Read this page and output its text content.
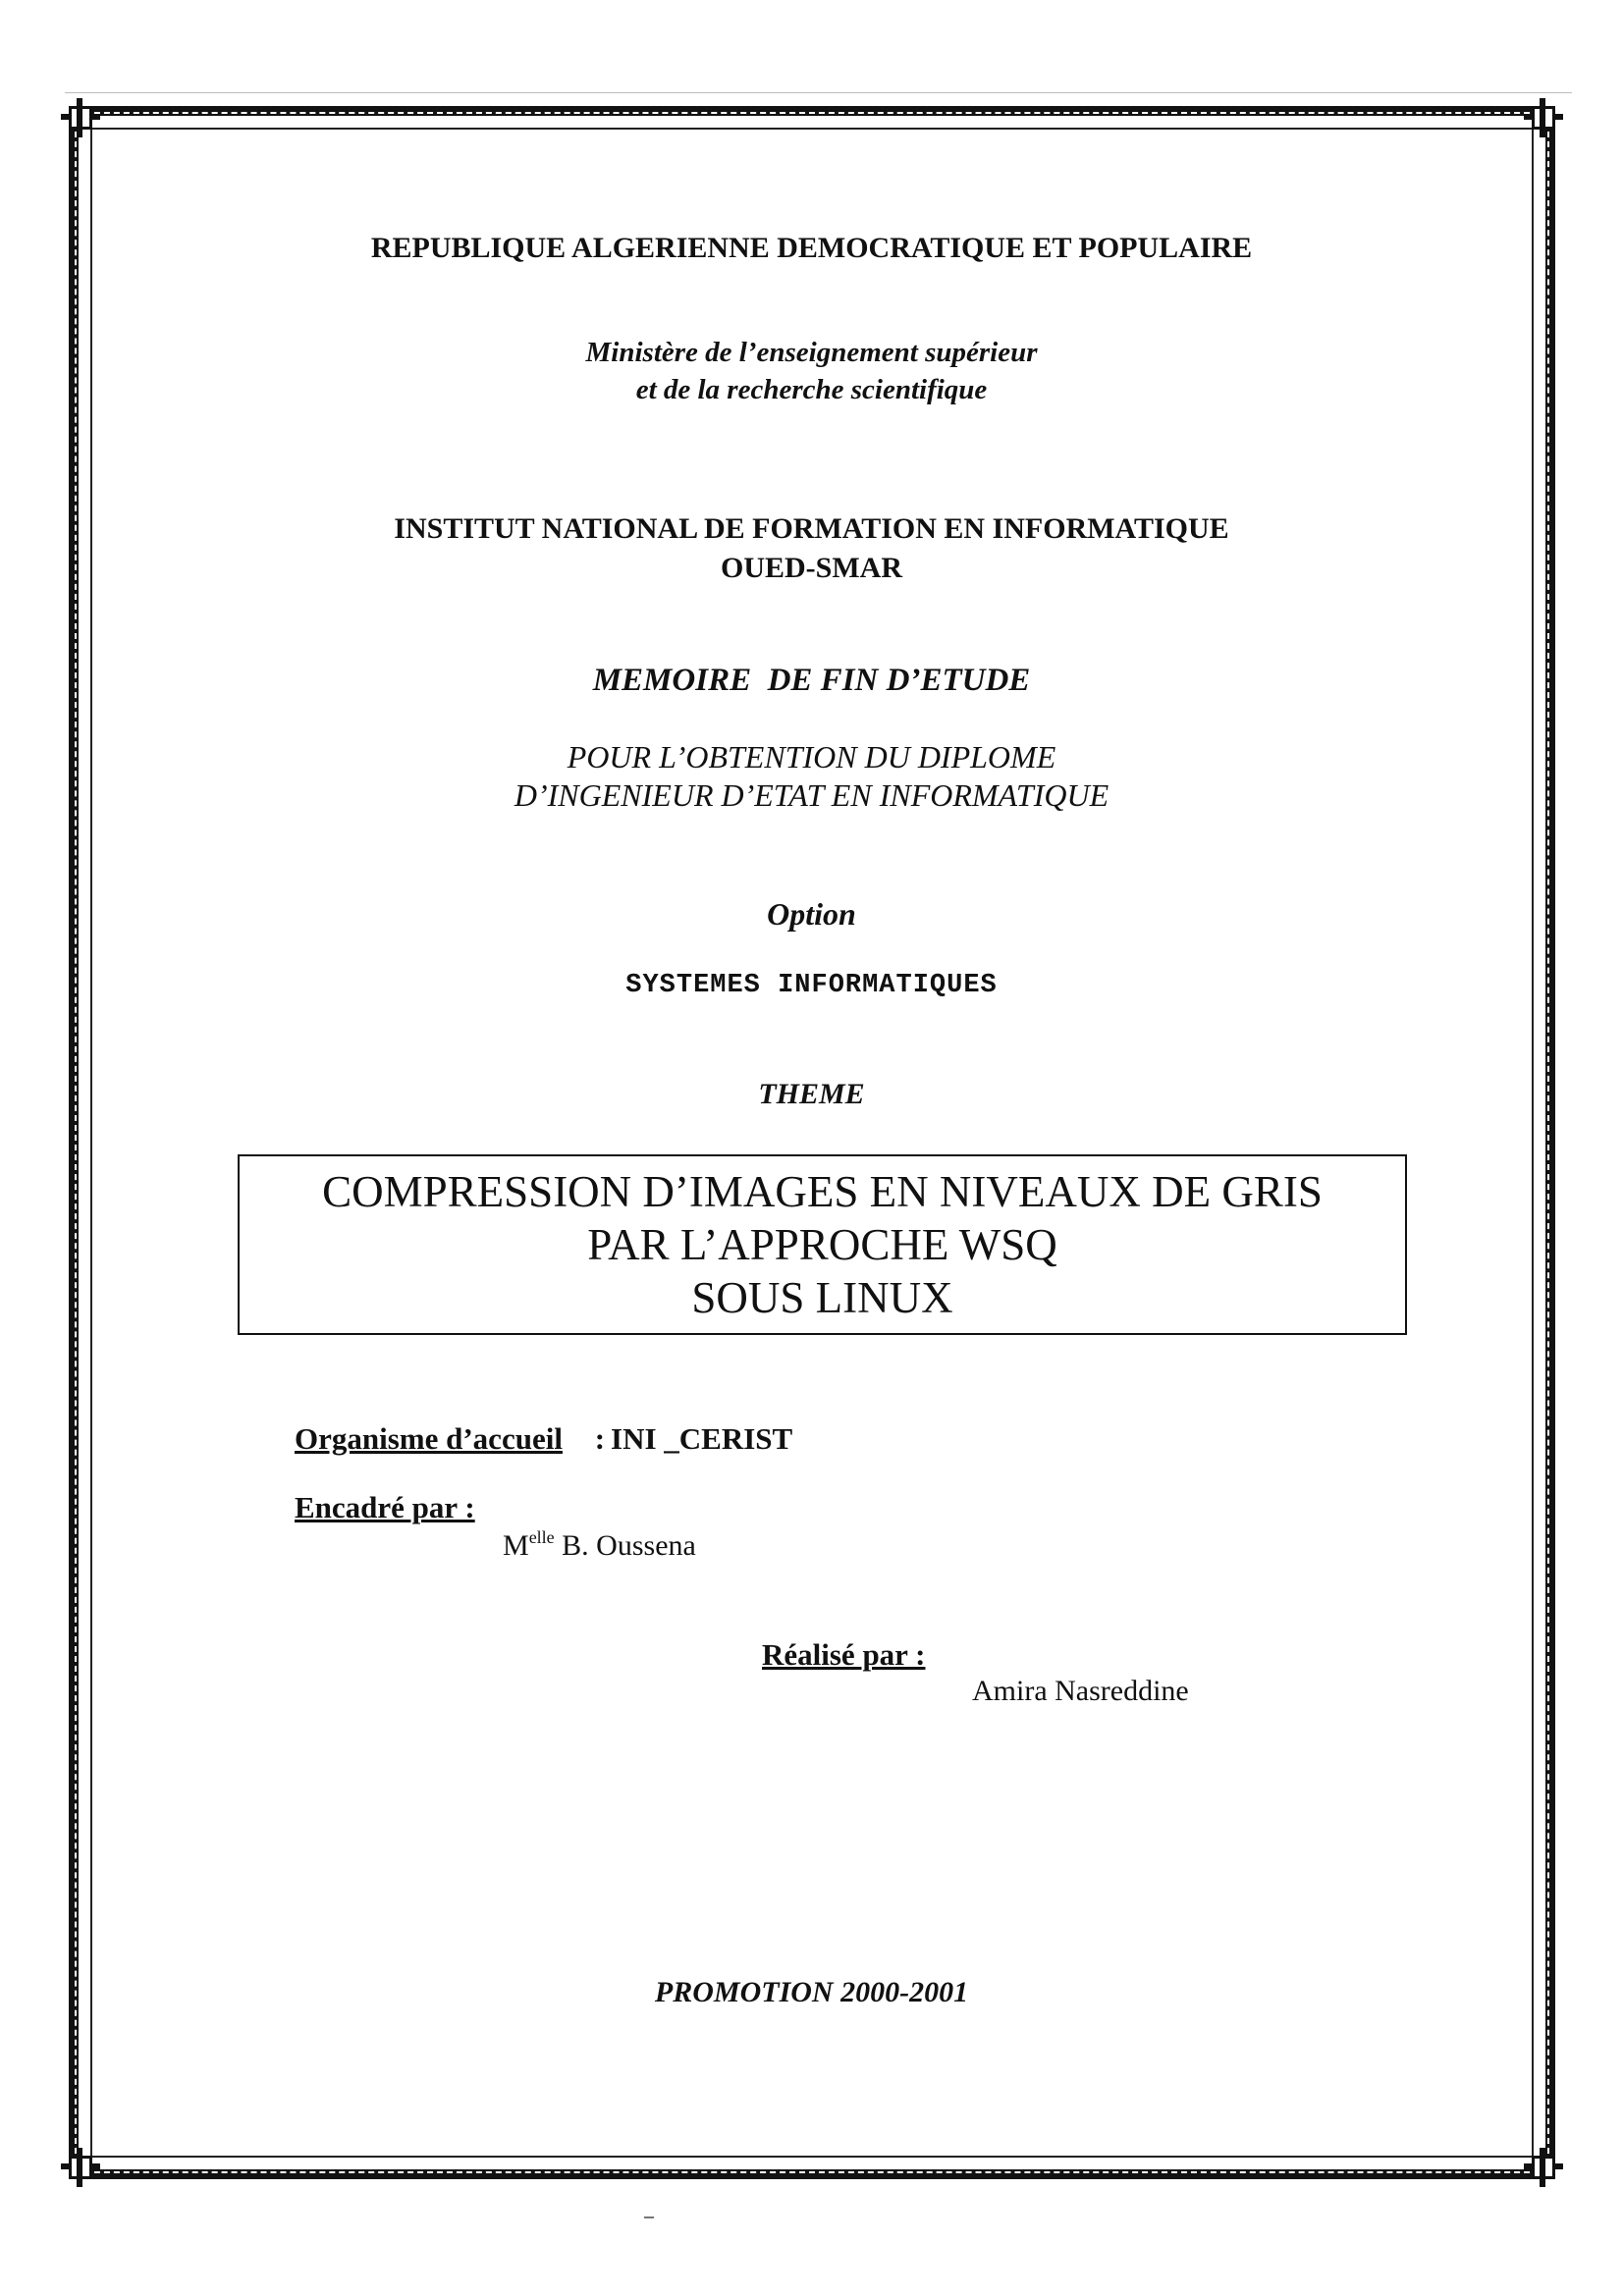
REPUBLIQUE ALGERIENNE DEMOCRATIQUE ET POPULAIRE
Ministère de l’enseignement supérieur
et de la recherche scientifique
INSTITUT NATIONAL DE FORMATION EN INFORMATIQUE
OUED-SMAR
MEMOIRE  DE FIN D’ETUDE
POUR L’OBTENTION DU DIPLOME
D’INGENIEUR D’ETAT EN INFORMATIQUE
Option
SYSTEMES INFORMATIQUES
THEME
COMPRESSION D’IMAGES EN NIVEAUX DE GRIS
PAR L’APPROCHE WSQ
SOUS LINUX
Organisme d’accueil : INI _CERIST
Encadré par :
$M^{elle}$ B. Oussena
Réalisé par :
Amira Nasreddine
PROMOTION 2000-2001
